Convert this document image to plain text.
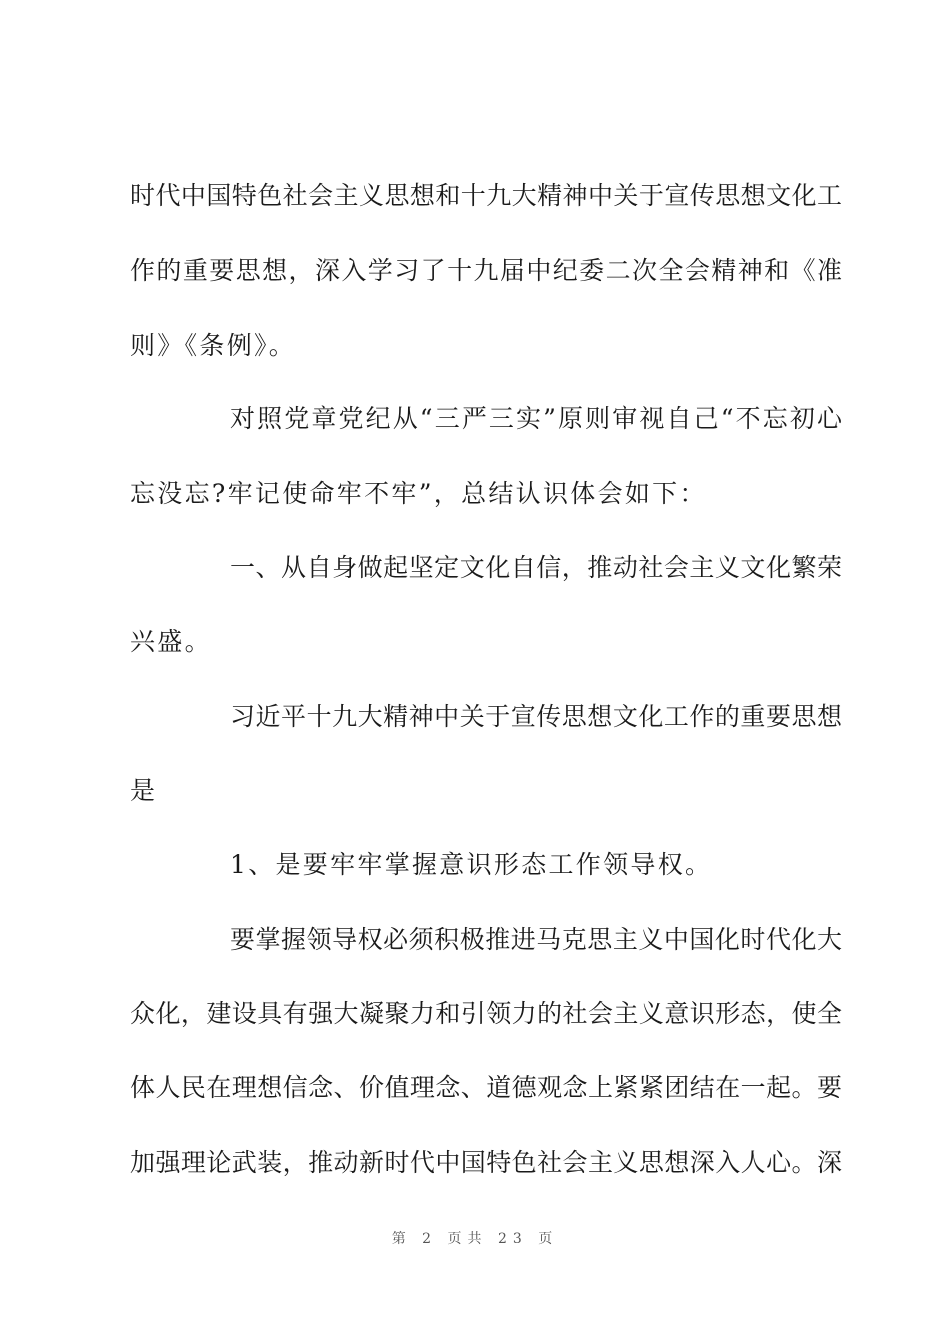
时代中国特色社会主义思想和十九大精神中关于宣传思想文化工
作的重要思想，深入学习了十九届中纪委二次全会精神和《准
则》《条例》。
对照党章党纪从“三严三实”原则审视自己“不忘初心
忘没忘?牢记使命牢不牢”，总结认识体会如下：
一、从自身做起坚定文化自信，推动社会主义文化繁荣
兴盛。
习近平十九大精神中关于宣传思想文化工作的重要思想
是
1、是要牢牢掌握意识形态工作领导权。
要掌握领导权必须积极推进马克思主义中国化时代化大
众化，建设具有强大凝聚力和引领力的社会主义意识形态，使全
体人民在理想信念、价值理念、道德观念上紧紧团结在一起。要
加强理论武装，推动新时代中国特色社会主义思想深入人心。深
第 2 页共 23 页
